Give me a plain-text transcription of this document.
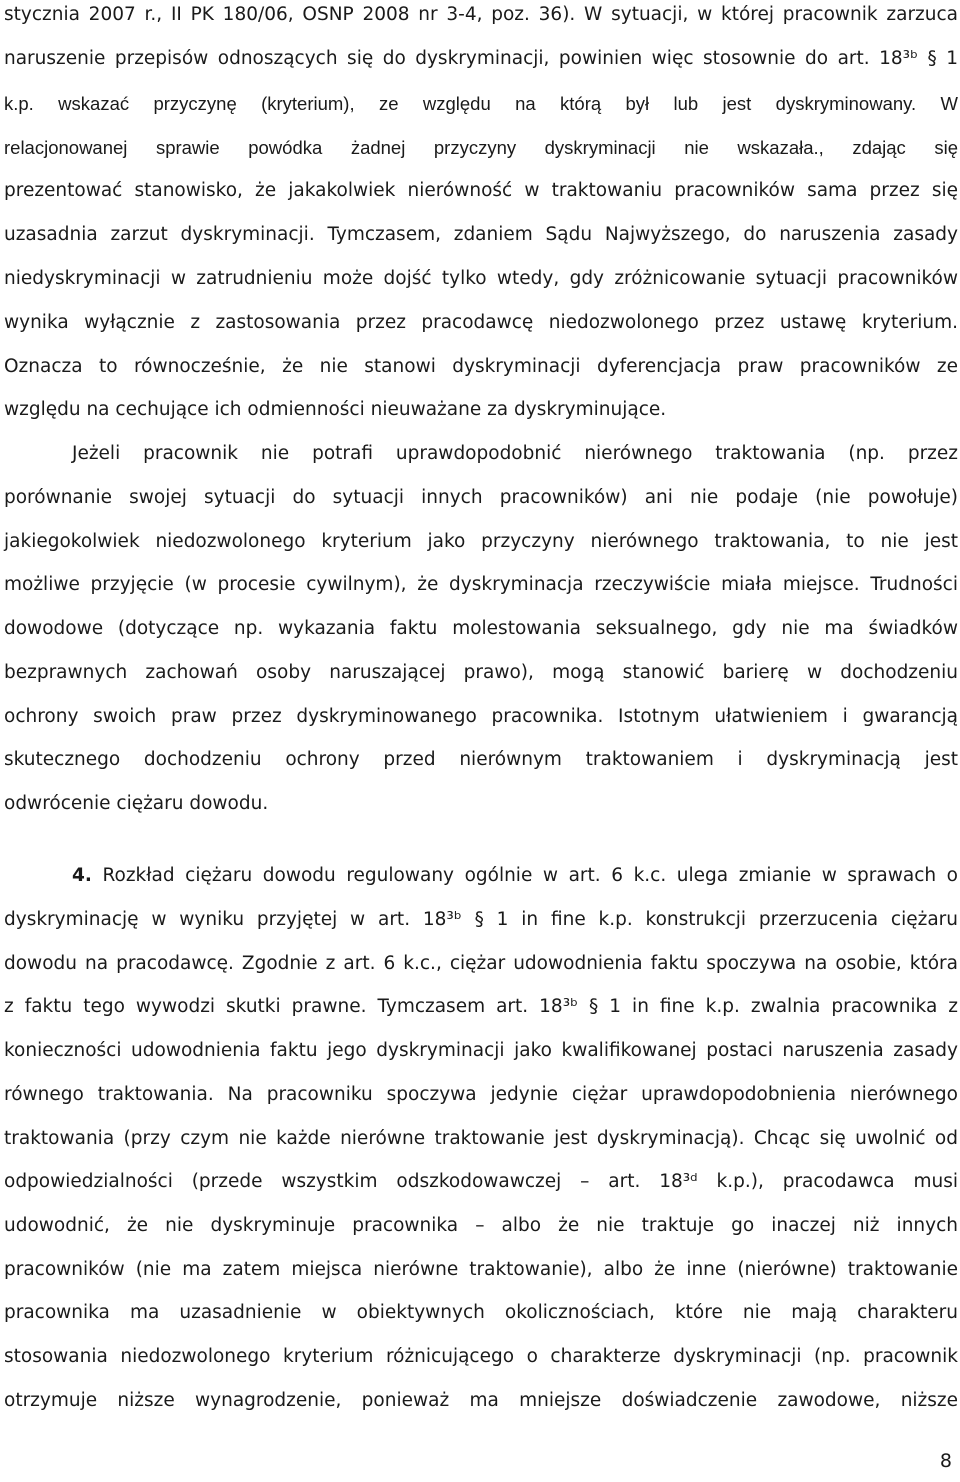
stycznia 2007 r., II PK 180/06, OSNP 2008 nr 3-4, poz. 36). W sytuacji, w której pracownik zarzuca
naruszenie przepisów odnoszących się do dyskryminacji, powinien więc stosownie do art. 18³ᵇ § 1
k.p. wskazać przyczynę (kryterium), ze względu na którą był lub jest dyskryminowany. W
relacjonowanej sprawie powódka żadnej przyczyny dyskryminacji nie wskazała., zdając się
prezentować stanowisko, że jakakolwiek nierówność w traktowaniu pracowników sama przez się
uzasadnia zarzut dyskryminacji. Tymczasem, zdaniem Sądu Najwyższego, do naruszenia zasady
niedyskryminacji w zatrudnieniu może dojść tylko wtedy, gdy zróżnicowanie sytuacji pracowników
wynika wyłącznie z zastosowania przez pracodawcę niedozwolonego przez ustawę kryterium.
Oznacza to równocześnie, że nie stanowi dyskryminacji dyferencjacja praw pracowników ze
względu na cechujące ich odmienności nieuważane za dyskryminujące.
Jeżeli pracownik nie potrafi uprawdopodobnić nierównego traktowania (np. przez
porównanie swojej sytuacji do sytuacji innych pracowników) ani nie podaje (nie powołuje)
jakiegokolwiek niedozwolonego kryterium jako przyczyny nierównego traktowania, to nie jest
możliwe przyjęcie (w procesie cywilnym), że dyskryminacja rzeczywiście miała miejsce. Trudności
dowodowe (dotyczące np. wykazania faktu molestowania seksualnego, gdy nie ma świadków
bezprawnych zachowań osoby naruszającej prawo), mogą stanowić barierę w dochodzeniu
ochrony swoich praw przez dyskryminowanego pracownika. Istotnym ułatwieniem i gwarancją
skutecznego dochodzeniu ochrony przed nierównym traktowaniem i dyskryminacją jest
odwrócenie ciężaru dowodu.
4. Rozkład ciężaru dowodu regulowany ogólnie w art. 6 k.c. ulega zmianie w sprawach o
dyskryminację w wyniku przyjętej w art. 18³ᵇ § 1 in fine k.p. konstrukcji przerzucenia ciężaru
dowodu na pracodawcę. Zgodnie z art. 6 k.c., ciężar udowodnienia faktu spoczywa na osobie, która
z faktu tego wywodzi skutki prawne. Tymczasem art. 18³ᵇ § 1 in fine k.p. zwalnia pracownika z
konieczności udowodnienia faktu jego dyskryminacji jako kwalifikowanej postaci naruszenia zasady
równego traktowania. Na pracowniku spoczywa jedynie ciężar uprawdopodobnienia nierównego
traktowania (przy czym nie każde nierówne traktowanie jest dyskryminacją). Chcąc się uwolnić od
odpowiedzialności (przede wszystkim odszkodowawczej – art. 18³ᵈ k.p.), pracodawca musi
udowodnić, że nie dyskryminuje pracownika – albo że nie traktuje go inaczej niż innych
pracowników (nie ma zatem miejsca nierówne traktowanie), albo że inne (nierówne) traktowanie
pracownika ma uzasadnienie w obiektywnych okolicznościach, które nie mają charakteru
stosowania niedozwolonego kryterium różnicującego o charakterze dyskryminacji (np. pracownik
otrzymuje niższe wynagrodzenie, ponieważ ma mniejsze doświadczenie zawodowe, niższe
8
